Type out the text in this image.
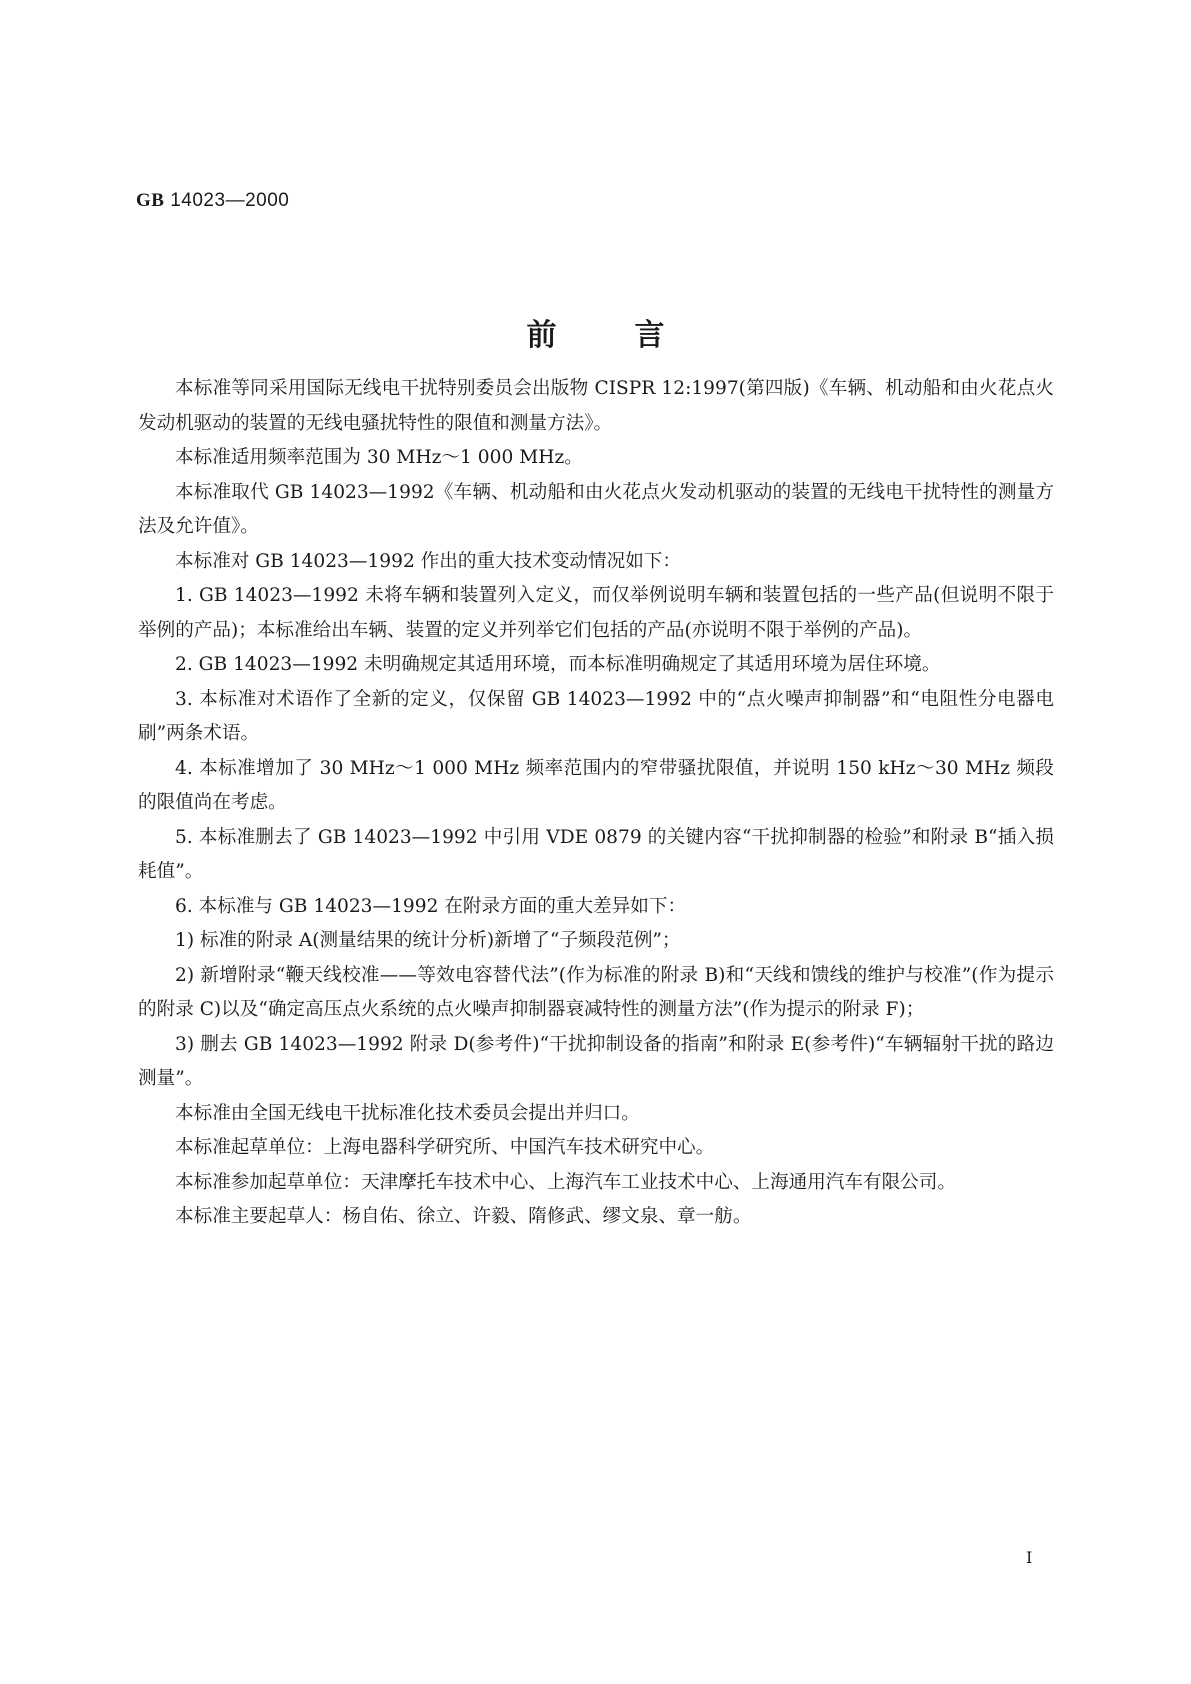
GB 14023—2000
前言

本标准等同采用国际无线电干扰特别委员会出版物 CISPR 12:1997(第四版)《车辆、机动船和由火花点火发动机驱动的装置的无线电骚扰特性的限值和测量方法》。

本标准适用频率范围为 30 MHz～1 000 MHz。

本标准取代 GB 14023—1992《车辆、机动船和由火花点火发动机驱动的装置的无线电干扰特性的测量方法及允许值》。

本标准对 GB 14023—1992 作出的重大技术变动情况如下：

1. GB 14023—1992 未将车辆和装置列入定义，而仅举例说明车辆和装置包括的一些产品(但说明不限于举例的产品)；本标准给出车辆、装置的定义并列举它们包括的产品(亦说明不限于举例的产品)。

2. GB 14023—1992 未明确规定其适用环境，而本标准明确规定了其适用环境为居住环境。

3. 本标准对术语作了全新的定义，仅保留 GB 14023—1992 中的“点火噪声抑制器”和“电阻性分电器电刷”两条术语。

4. 本标准增加了 30 MHz～1 000 MHz 频率范围内的窄带骚扰限值，并说明 150 kHz～30 MHz 频段的限值尚在考虑。

5. 本标准删去了 GB 14023—1992 中引用 VDE 0879 的关键内容“干扰抑制器的检验”和附录 B“插入损耗值”。

6. 本标准与 GB 14023—1992 在附录方面的重大差异如下：

1) 标准的附录 A(测量结果的统计分析)新增了“子频段范例”；

2) 新增附录“鞭天线校准——等效电容替代法”(作为标准的附录 B)和“天线和馈线的维护与校准”(作为提示的附录 C)以及“确定高压点火系统的点火噪声抑制器衰减特性的测量方法”(作为提示的附录 F)；

3) 删去 GB 14023—1992 附录 D(参考件)“干扰抑制设备的指南”和附录 E(参考件)“车辆辐射干扰的路边测量”。

本标准由全国无线电干扰标准化技术委员会提出并归口。

本标准起草单位：上海电器科学研究所、中国汽车技术研究中心。

本标准参加起草单位：天津摩托车技术中心、上海汽车工业技术中心、上海通用汽车有限公司。

本标准主要起草人：杨自佑、徐立、许毅、隋修武、缪文泉、章一舫。

I
